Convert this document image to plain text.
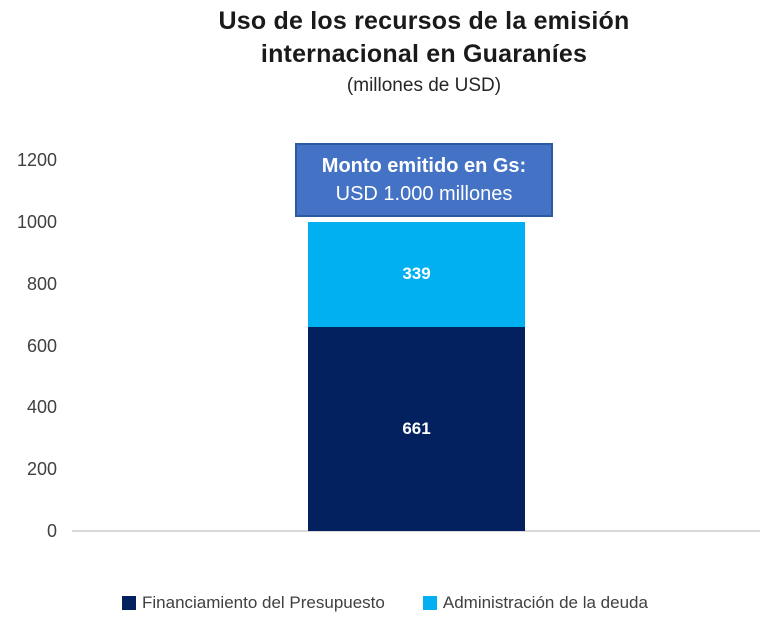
Uso de los recursos de la emisión
internacional en Guaraníes
(millones de USD)
0
200
400
600
800
1000
1200
661
339
Monto emitido en Gs:
USD 1.000 millones
Financiamiento del Presupuesto	Administración de la deuda
